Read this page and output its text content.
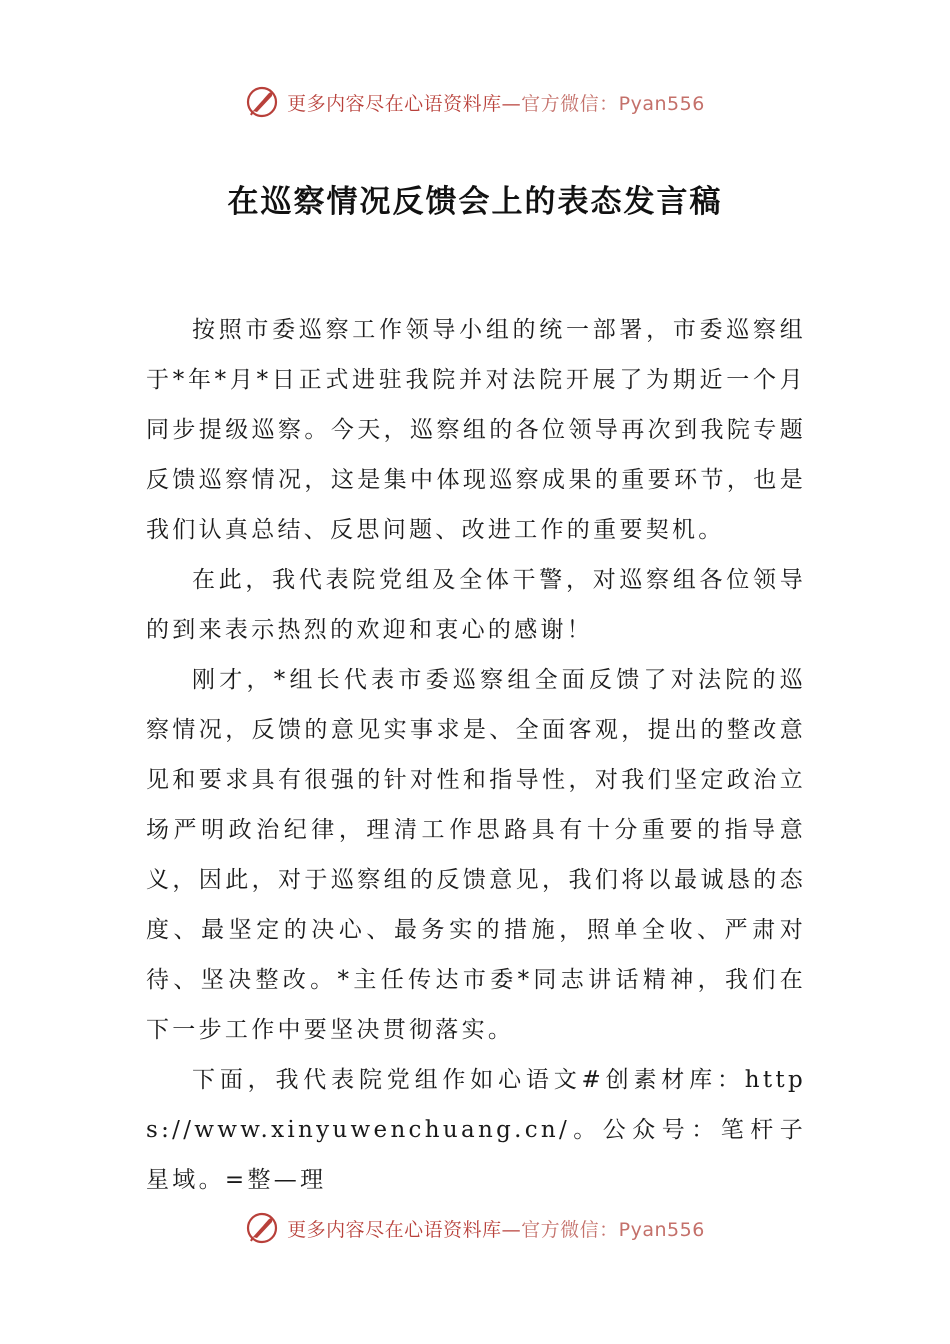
更多内容尽在心语资料库—官方微信：Pyan556
在巡察情况反馈会上的表态发言稿

按照市委巡察工作领导小组的统一部署，市委巡察组于*年*月*日正式进驻我院并对法院开展了为期近一个月同步提级巡察。今天，巡察组的各位领导再次到我院专题反馈巡察情况，这是集中体现巡察成果的重要环节，也是我们认真总结、反思问题、改进工作的重要契机。

在此，我代表院党组及全体干警，对巡察组各位领导的到来表示热烈的欢迎和衷心的感谢！

刚才，*组长代表市委巡察组全面反馈了对法院的巡察情况，反馈的意见实事求是、全面客观，提出的整改意见和要求具有很强的针对性和指导性，对我们坚定政治立场严明政治纪律，理清工作思路具有十分重要的指导意义，因此，对于巡察组的反馈意见，我们将以最诚恳的态度、最坚定的决心、最务实的措施，照单全收、严肃对待、坚决整改。*主任传达市委*同志讲话精神，我们在下一步工作中要坚决贯彻落实。

下面，我代表院党组作如心语文#创素材库：https://www.xinyuwenchuang.cn/。公众号：笔杆子星域。=整—理

更多内容尽在心语资料库—官方微信：Pyan556
